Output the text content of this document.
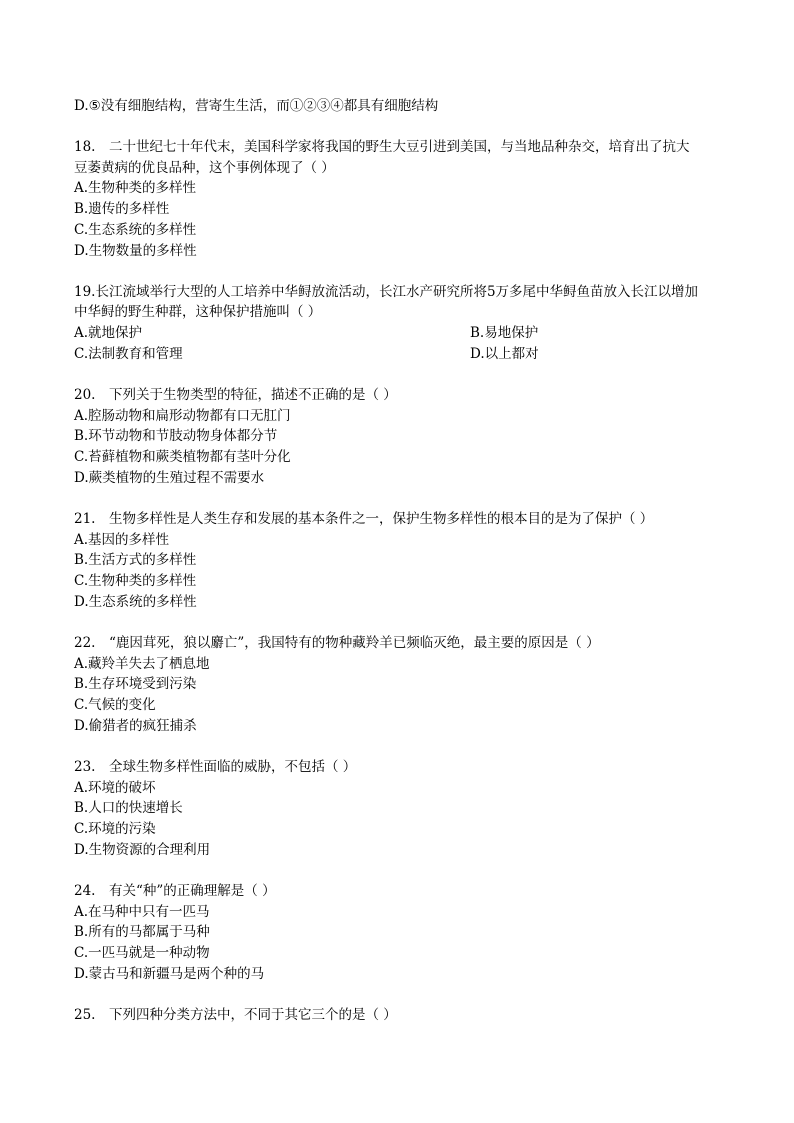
D.⑤没有细胞结构，营寄生生活，而①②③④都具有细胞结构
18.　二十世纪七十年代末，美国科学家将我国的野生大豆引进到美国，与当地品种杂交，培育出了抗大
豆萎黄病的优良品种，这个事例体现了（ ）
A.生物种类的多样性
B.遗传的多样性
C.生态系统的多样性
D.生物数量的多样性
19.长江流域举行大型的人工培养中华鲟放流活动，长江水产研究所将5万多尾中华鲟鱼苗放入长江以增加
中华鲟的野生种群，这种保护措施叫（ ）
A.就地保护	B.易地保护
C.法制教育和管理	D.以上都对
20.　下列关于生物类型的特征，描述不正确的是（ ）
A.腔肠动物和扁形动物都有口无肛门
B.环节动物和节肢动物身体都分节
C.苔藓植物和蕨类植物都有茎叶分化
D.蕨类植物的生殖过程不需要水
21.　生物多样性是人类生存和发展的基本条件之一，保护生物多样性的根本目的是为了保护（ ）
A.基因的多样性
B.生活方式的多样性
C.生物种类的多样性
D.生态系统的多样性
22.　“鹿因茸死，狼以麝亡”，我国特有的物种藏羚羊已频临灭绝，最主要的原因是（ ）
A.藏羚羊失去了栖息地
B.生存环境受到污染
C.气候的变化
D.偷猎者的疯狂捕杀
23.　全球生物多样性面临的威胁，不包括（ ）
A.环境的破坏
B.人口的快速增长
C.环境的污染
D.生物资源的合理利用
24.　有关“种”的正确理解是（ ）
A.在马种中只有一匹马
B.所有的马都属于马种
C.一匹马就是一种动物
D.蒙古马和新疆马是两个种的马
25.　下列四种分类方法中，不同于其它三个的是（ ）
